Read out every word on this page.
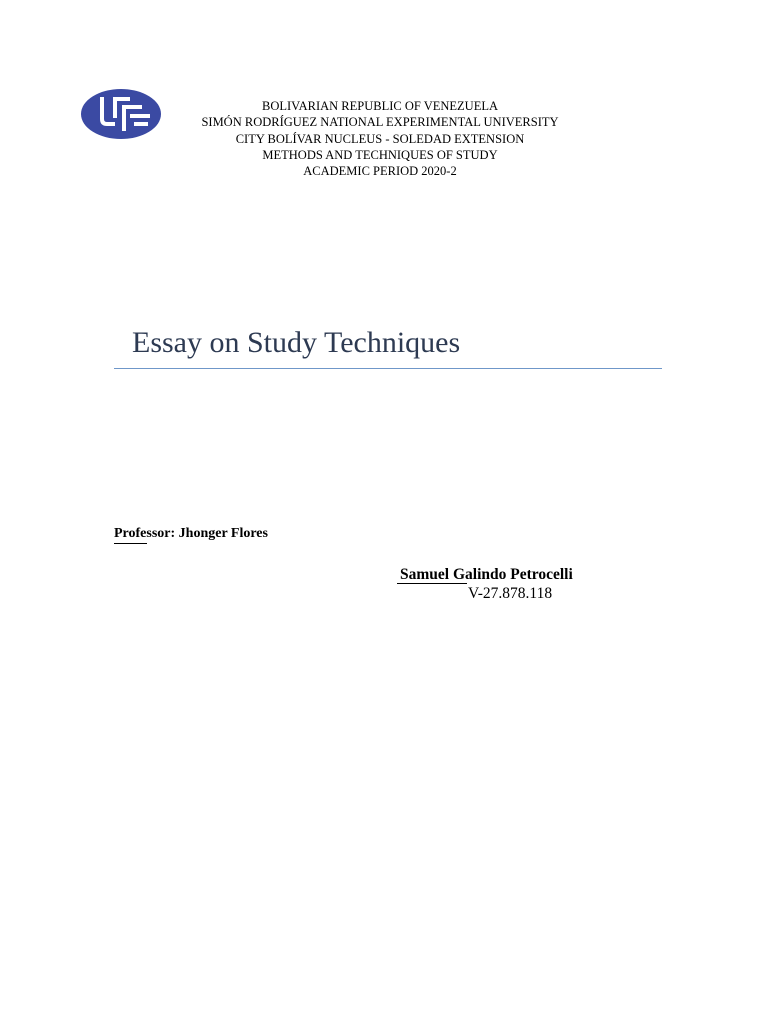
BOLIVARIAN REPUBLIC OF VENEZUELA
SIMÓN RODRÍGUEZ NATIONAL EXPERIMENTAL UNIVERSITY
CITY BOLÍVAR NUCLEUS - SOLEDAD EXTENSION
METHODS AND TECHNIQUES OF STUDY
ACADEMIC PERIOD 2020-2
Essay on Study Techniques
Professor: Jhonger Flores
Samuel Galindo Petrocelli
V-27.878.118
